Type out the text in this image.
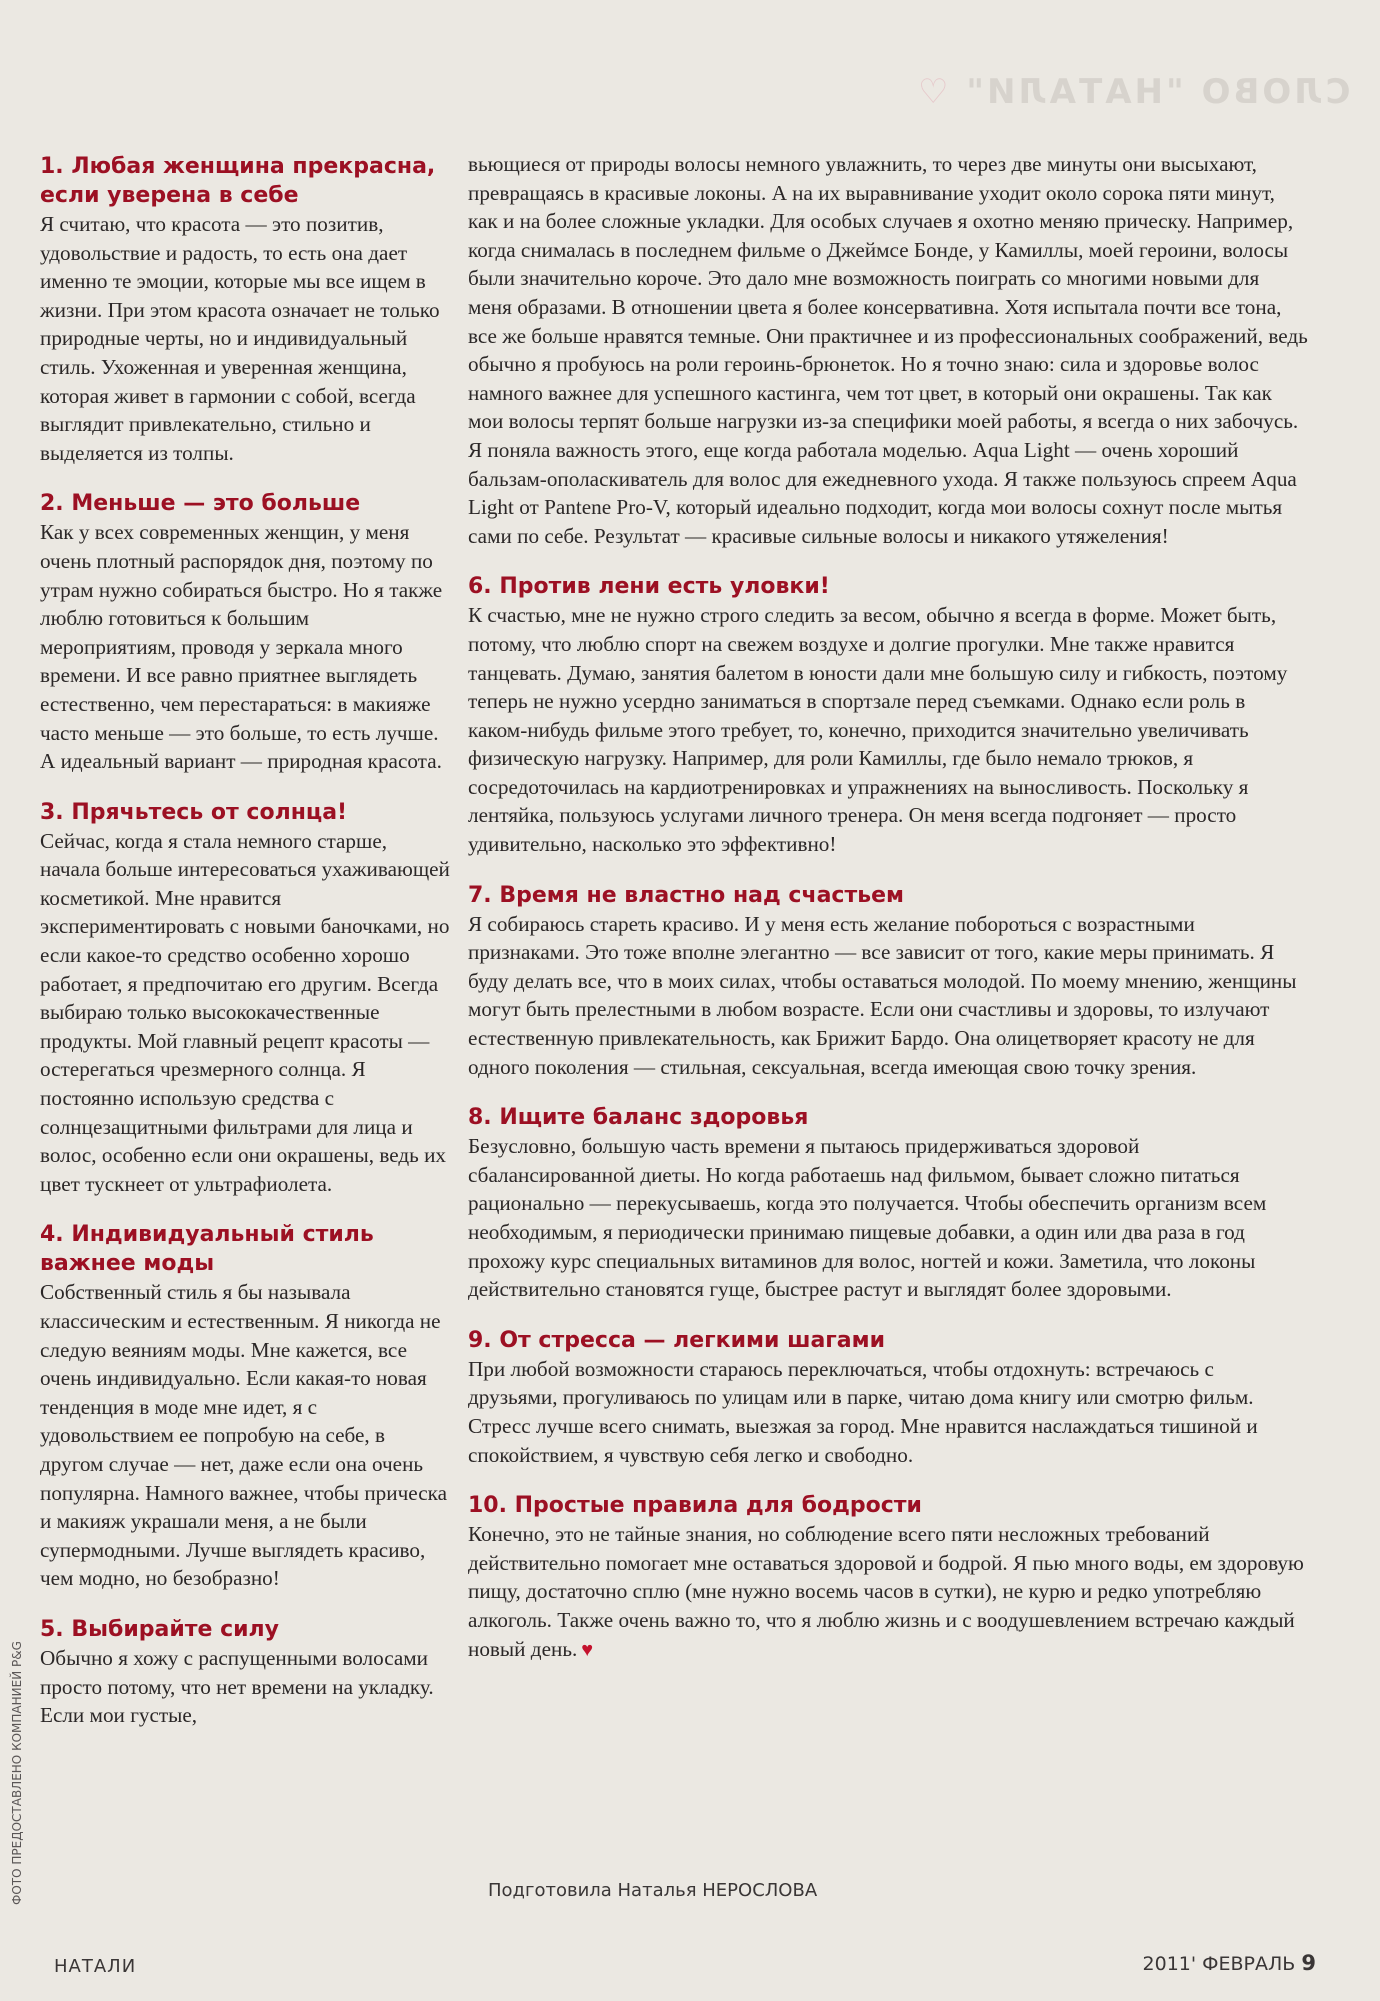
СЛОВО "НАТАЛИ" ♡

1. Любая женщина прекрасна, если уверена в себе

Я считаю, что красота — это позитив, удовольствие и радость, то есть она дает именно те эмоции, которые мы все ищем в жизни. При этом красота означает не только природные черты, но и индивидуальный стиль. Ухоженная и уверенная женщина, которая живет в гармонии с собой, всегда выглядит привлекательно, стильно и выделяется из толпы.

2. Меньше — это больше

Как у всех современных женщин, у меня очень плотный распорядок дня, поэтому по утрам нужно собираться быстро. Но я также люблю готовиться к большим мероприятиям, проводя у зеркала много времени. И все равно приятнее выглядеть естественно, чем перестараться: в макияже часто меньше — это больше, то есть лучше. А идеальный вариант — природная красота.

3. Прячьтесь от солнца!

Сейчас, когда я стала немного старше, начала больше интересоваться ухаживающей косметикой. Мне нравится экспериментировать с новыми баночками, но если какое-то средство особенно хорошо работает, я предпочитаю его другим. Всегда выбираю только высококачественные продукты. Мой главный рецепт красоты — остерегаться чрезмерного солнца. Я постоянно использую средства с солнцезащитными фильтрами для лица и волос, особенно если они окрашены, ведь их цвет тускнеет от ультрафиолета.

4. Индивидуальный стиль важнее моды

Собственный стиль я бы называла классическим и естественным. Я никогда не следую веяниям моды. Мне кажется, все очень индивидуально. Если какая-то новая тенденция в моде мне идет, я с удовольствием ее попробую на себе, в другом случае — нет, даже если она очень популярна. Намного важнее, чтобы прическа и макияж украшали меня, а не были супермодными. Лучше выглядеть красиво, чем модно, но безобразно!

5. Выбирайте силу

Обычно я хожу с распущенными волосами просто потому, что нет времени на укладку. Если мои густые,

вьющиеся от природы волосы немного увлажнить, то через две минуты они высыхают, превращаясь в красивые локоны. А на их выравнивание уходит около сорока пяти минут, как и на более сложные укладки. Для особых случаев я охотно меняю прическу. Например, когда снималась в последнем фильме о Джеймсе Бонде, у Камиллы, моей героини, волосы были значительно короче. Это дало мне возможность поиграть со многими новыми для меня образами. В отношении цвета я более консервативна. Хотя испытала почти все тона, все же больше нравятся темные. Они практичнее и из профессиональных соображений, ведь обычно я пробуюсь на роли героинь-брюнеток. Но я точно знаю: сила и здоровье волос намного важнее для успешного кастинга, чем тот цвет, в который они окрашены. Так как мои волосы терпят больше нагрузки из-за специфики моей работы, я всегда о них забочусь. Я поняла важность этого, еще когда работала моделью. Aqua Light — очень хороший бальзам-ополаскиватель для волос для ежедневного ухода. Я также пользуюсь спреем Aqua Light от Pantene Pro-V, который идеально подходит, когда мои волосы сохнут после мытья сами по себе. Результат — красивые сильные волосы и никакого утяжеления!

6. Против лени есть уловки!

К счастью, мне не нужно строго следить за весом, обычно я всегда в форме. Может быть, потому, что люблю спорт на свежем воздухе и долгие прогулки. Мне также нравится танцевать. Думаю, занятия балетом в юности дали мне большую силу и гибкость, поэтому теперь не нужно усердно заниматься в спортзале перед съемками. Однако если роль в каком-нибудь фильме этого требует, то, конечно, приходится значительно увеличивать физическую нагрузку. Например, для роли Камиллы, где было немало трюков, я сосредоточилась на кардиотренировках и упражнениях на выносливость. Поскольку я лентяйка, пользуюсь услугами личного тренера. Он меня всегда подгоняет — просто удивительно, насколько это эффективно!

7. Время не властно над счастьем

Я собираюсь стареть красиво. И у меня есть желание побороться с возрастными признаками. Это тоже вполне элегантно — все зависит от того, какие меры принимать. Я буду делать все, что в моих силах, чтобы оставаться молодой. По моему мнению, женщины могут быть прелестными в любом возрасте. Если они счастливы и здоровы, то излучают естественную привлекательность, как Брижит Бардо. Она олицетворяет красоту не для одного поколения — стильная, сексуальная, всегда имеющая свою точку зрения.

8. Ищите баланс здоровья

Безусловно, большую часть времени я пытаюсь придерживаться здоровой сбалансированной диеты. Но когда работаешь над фильмом, бывает сложно питаться рационально — перекусываешь, когда это получается. Чтобы обеспечить организм всем необходимым, я периодически принимаю пищевые добавки, а один или два раза в год прохожу курс специальных витаминов для волос, ногтей и кожи. Заметила, что локоны действительно становятся гуще, быстрее растут и выглядят более здоровыми.

9. От стресса — легкими шагами

При любой возможности стараюсь переключаться, чтобы отдохнуть: встречаюсь с друзьями, прогуливаюсь по улицам или в парке, читаю дома книгу или смотрю фильм. Стресс лучше всего снимать, выезжая за город. Мне нравится наслаждаться тишиной и спокойствием, я чувствую себя легко и свободно.

10. Простые правила для бодрости

Конечно, это не тайные знания, но соблюдение всего пяти несложных требований действительно помогает мне оставаться здоровой и бодрой. Я пью много воды, ем здоровую пищу, достаточно сплю (мне нужно восемь часов в сутки), не курю и редко употребляю алкоголь. Также очень важно то, что я люблю жизнь и с воодушевлением встречаю каждый новый день. ♥

Подготовила Наталья НЕРОСЛОВА
ФОТО ПРЕДОСТАВЛЕНО КОМПАНИЕЙ P&G
НАТАЛИ	2011' ФЕВРАЛЬ 9
